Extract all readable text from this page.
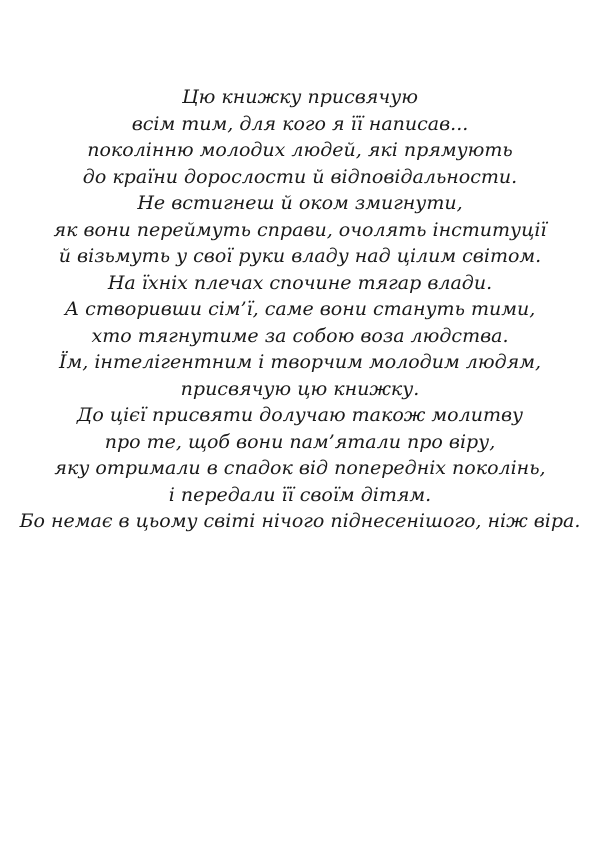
Цю книжку присвячую
всім тим, для кого я її написав...
поколінню молодих людей, які прямують
до країни дорослости й відповідальности.
Не встигнеш й оком змигнути,
як вони переймуть справи, очолять інституції
й візьмуть у свої руки владу над цілим світом.
На їхніх плечах спочине тягар влади.
А створивши сім’ї, саме вони стануть тими,
хто тягнутиме за собою воза людства.
Їм, інтелігентним і творчим молодим людям,
присвячую цю книжку.
До цієї присвяти долучаю також молитву
про те, щоб вони пам’ятали про віру,
яку отримали в спадок від попередніх поколінь,
і передали її своїм дітям.
Бо немає в цьому світі нічого піднесенішого, ніж віра.
